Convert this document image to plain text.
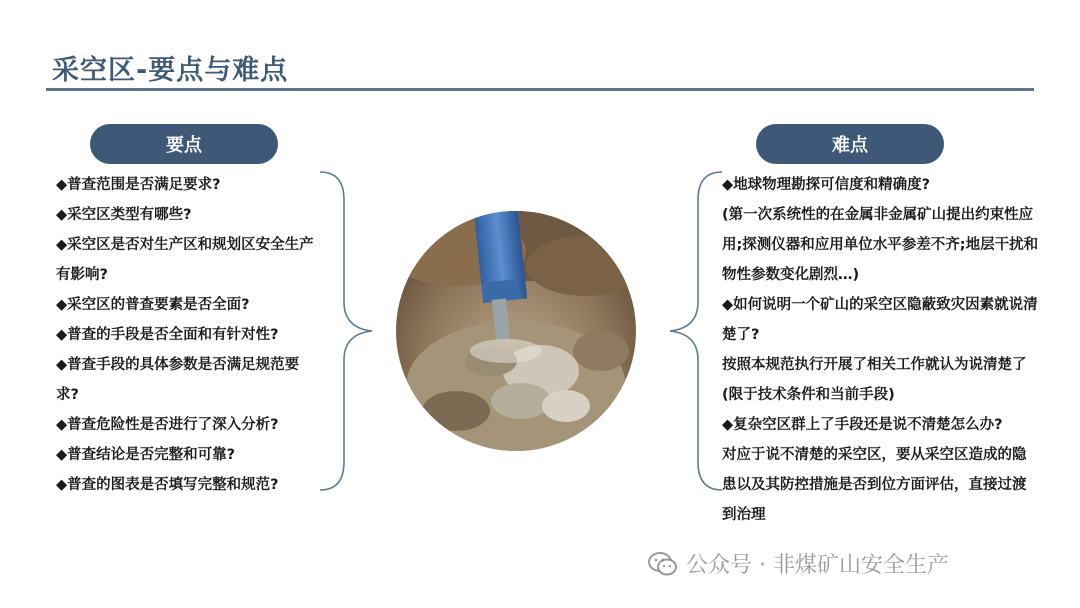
采空区-要点与难点
要点	难点
◆普查范围是否满足要求?
◆采空区类型有哪些?
◆采空区是否对生产区和规划区安全生产有影响?
◆采空区的普查要素是否全面?
◆普查的手段是否全面和有针对性?
◆普查手段的具体参数是否满足规范要求?
◆普查危险性是否进行了深入分析?
◆普查结论是否完整和可靠?
◆普查的图表是否填写完整和规范?
◆地球物理勘探可信度和精确度?
(第一次系统性的在金属非金属矿山提出约束性应用;探测仪器和应用单位水平参差不齐;地层干扰和物性参数变化剧烈…)
◆如何说明一个矿山的采空区隐蔽致灾因素就说清楚了?
按照本规范执行开展了相关工作就认为说清楚了(限于技术条件和当前手段)
◆复杂空区群上了手段还是说不清楚怎么办?
对应于说不清楚的采空区，要从采空区造成的隐患以及其防控措施是否到位方面评估，直接过渡到治理
公众号 · 非煤矿山安全生产
